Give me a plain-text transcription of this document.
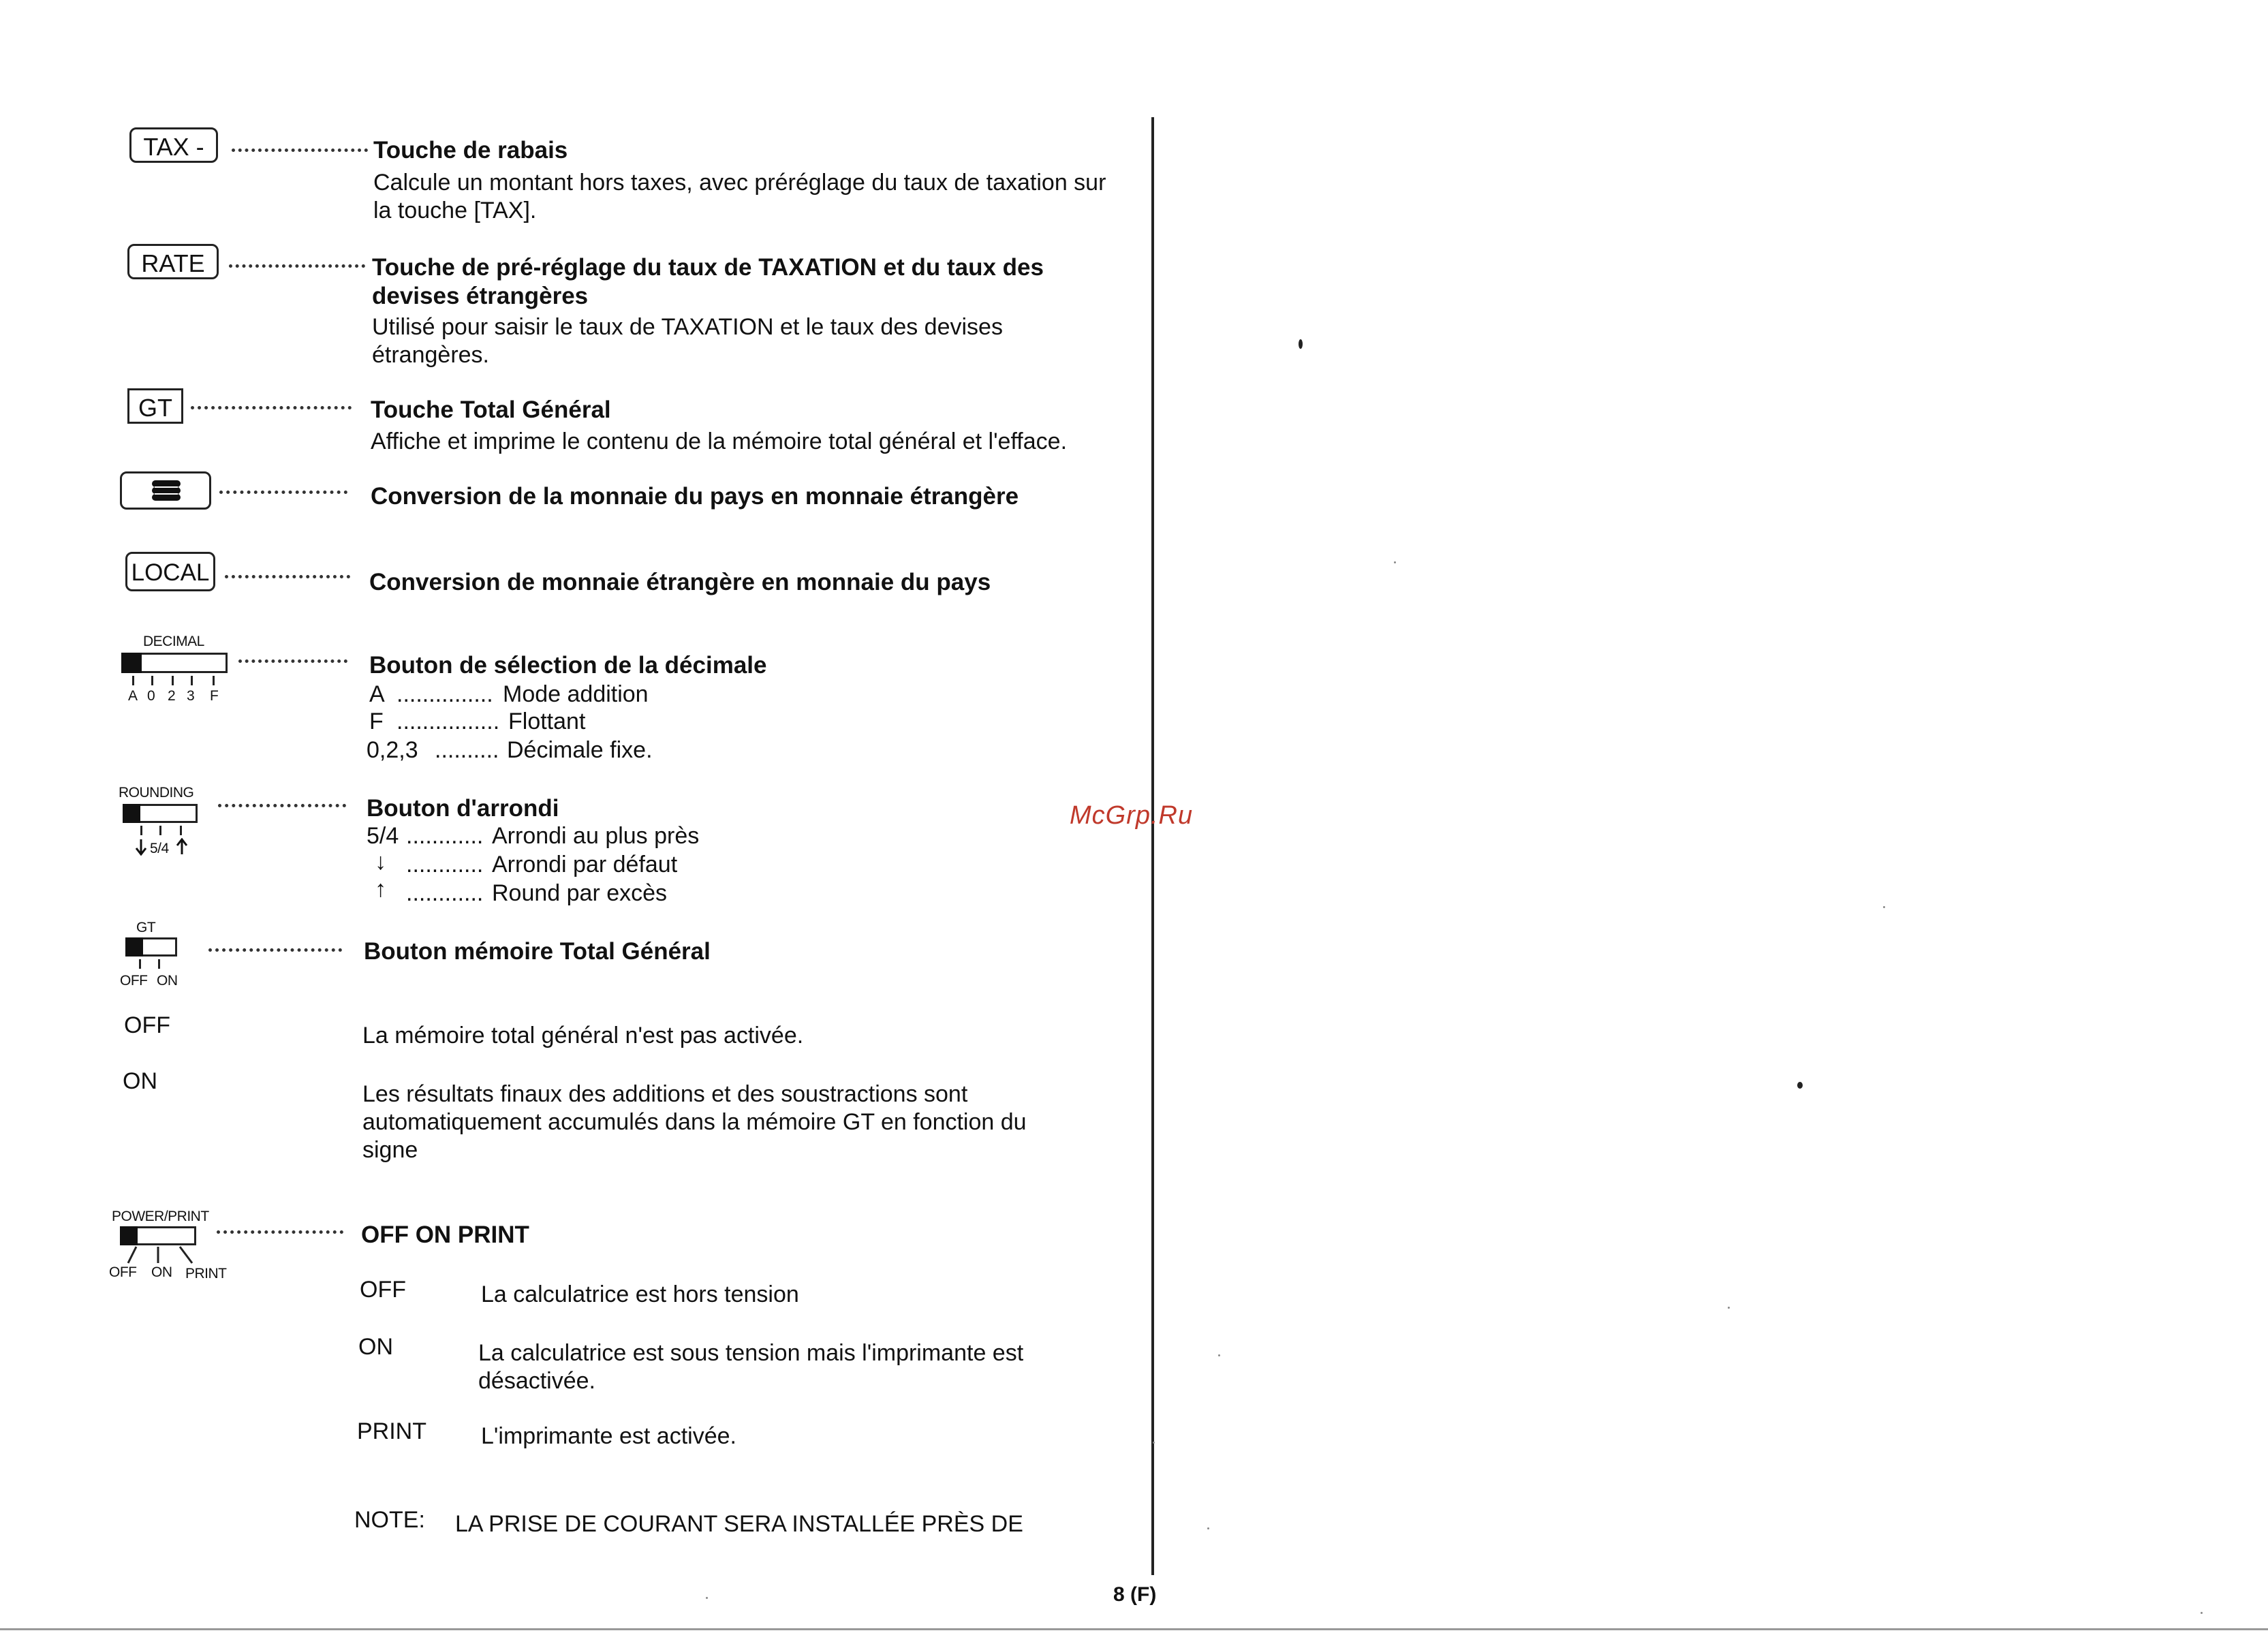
TAX -	Touche de rabais
Calcule un montant hors taxes, avec préréglage du taux de taxation sur la touche [TAX].
RATE	Touche de pré-réglage du taux de TAXATION et du taux des devises étrangères
Utilisé pour saisir le taux de TAXATION et le taux des devises étrangères.
GT	Touche Total Général
Affiche et imprime le contenu de la mémoire total général et l'efface.
Conversion de la monnaie du pays en monnaie étrangère
LOCAL	Conversion de monnaie étrangère en monnaie du pays
DECIMAL
A 0 2 3 F
Bouton de sélection de la décimale
A ............... Mode addition
F ................ Flottant
0,2,3 .......... Décimale fixe.
ROUNDING
5/4
Bouton d'arrondi
5/4 ............ Arrondi au plus près
↓ ............ Arrondi par défaut
↑ ............ Round par excès
GT
OFF ON
Bouton mémoire Total Général
OFF	La mémoire total général n'est pas activée.
ON	Les résultats finaux des additions et des soustractions sont automatiquement accumulés dans la mémoire GT en fonction du signe
POWER/PRINT
OFF ON PRINT
OFF ON PRINT
OFF	La calculatrice est hors tension
ON	La calculatrice est sous tension mais l'imprimante est désactivée.
PRINT L'imprimante est activée.
NOTE: LA PRISE DE COURANT SERA INSTALLÉE PRÈS DE
8 (F)
McGrp.Ru
